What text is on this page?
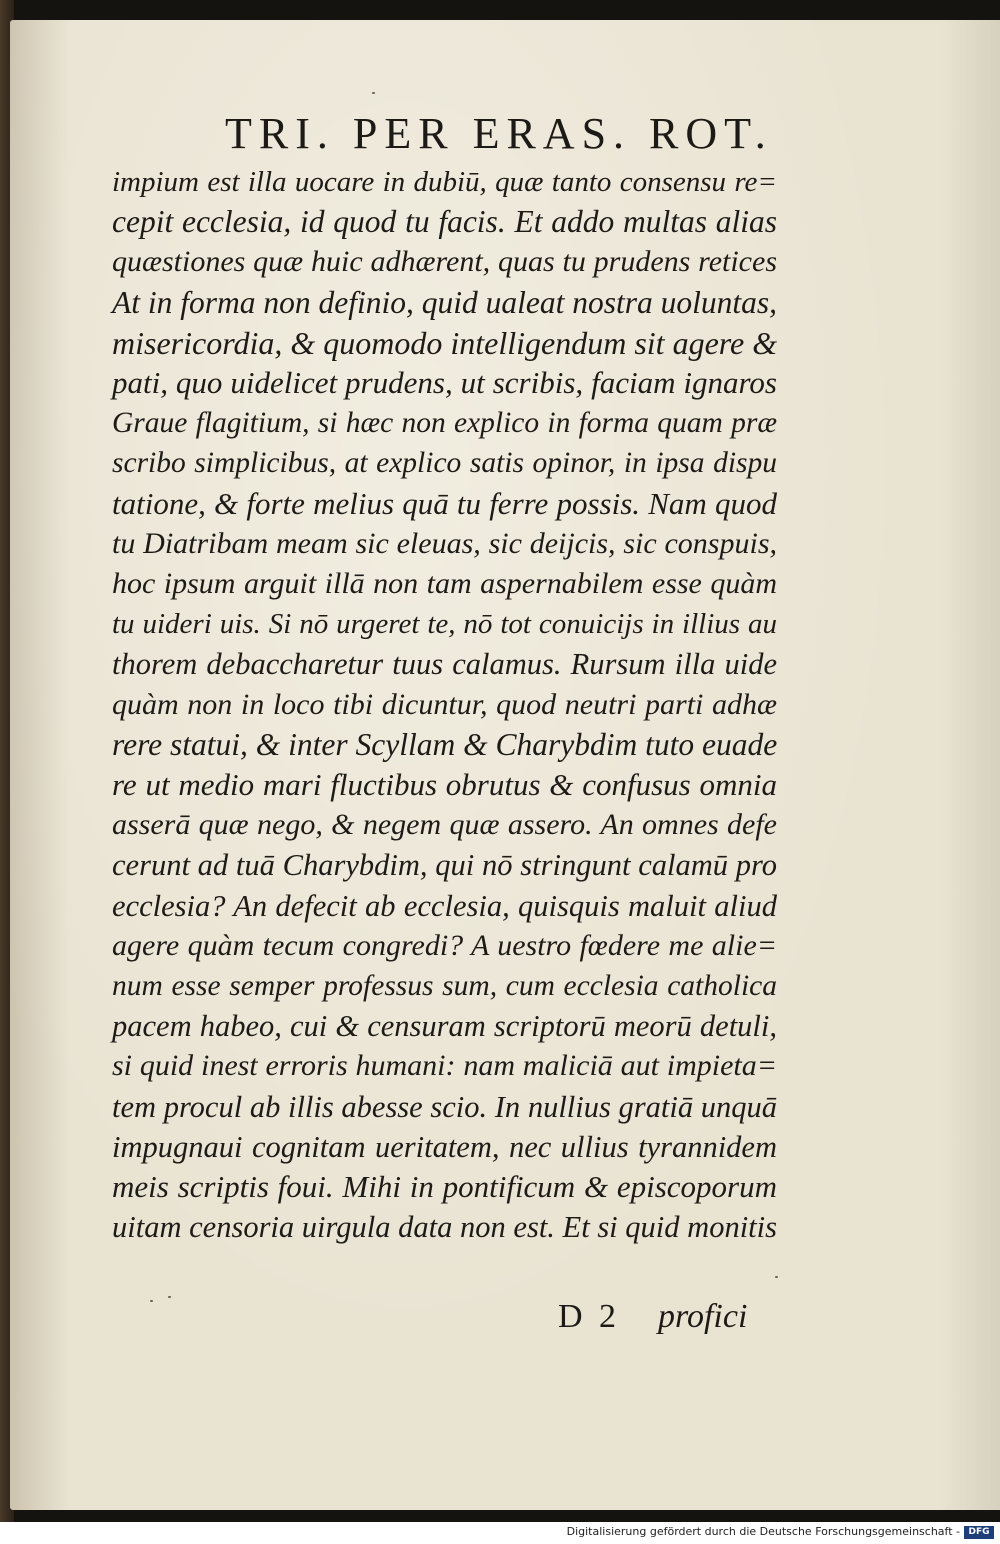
TRI. PER ERAS. ROT.
impium est illa uocare in dubiū, quæ tanto consensu re=
cepit ecclesia, id quod tu facis. Et addo multas alias
quæstiones quæ huic adhærent, quas tu prudens retices
At in forma non definio, quid ualeat nostra uoluntas,
misericordia, & quomodo intelligendum sit agere &
pati, quo uidelicet prudens, ut scribis, faciam ignaros
Graue flagitium, si hæc non explico in forma quam præ
scribo simplicibus, at explico satis opinor, in ipsa dispu
tatione, & forte melius quā tu ferre possis. Nam quod
tu Diatribam meam sic eleuas, sic deijcis, sic conspuis,
hoc ipsum arguit illā non tam aspernabilem esse quàm
tu uideri uis. Si nō urgeret te, nō tot conuicijs in illius au
thorem debaccharetur tuus calamus. Rursum illa uide
quàm non in loco tibi dicuntur, quod neutri parti adhæ
rere statui, & inter Scyllam & Charybdim tuto euade
re ut medio mari fluctibus obrutus & confusus omnia
asserā quæ nego, & negem quæ assero. An omnes defe
cerunt ad tuā Charybdim, qui nō stringunt calamū pro
ecclesia? An defecit ab ecclesia, quisquis maluit aliud
agere quàm tecum congredi? A uestro fœdere me alie=
num esse semper professus sum, cum ecclesia catholica
pacem habeo, cui & censuram scriptorū meorū detuli,
si quid inest erroris humani: nam maliciā aut impieta=
tem procul ab illis abesse scio. In nullius gratiā unquā
impugnaui cognitam ueritatem, nec ullius tyrannidem
meis scriptis foui. Mihi in pontificum & episcoporum
uitam censoria uirgula data non est. Et si quid monitis
D 2 profici
Digitalisierung gefördert durch die Deutsche Forschungsgemeinschaft - DFG
